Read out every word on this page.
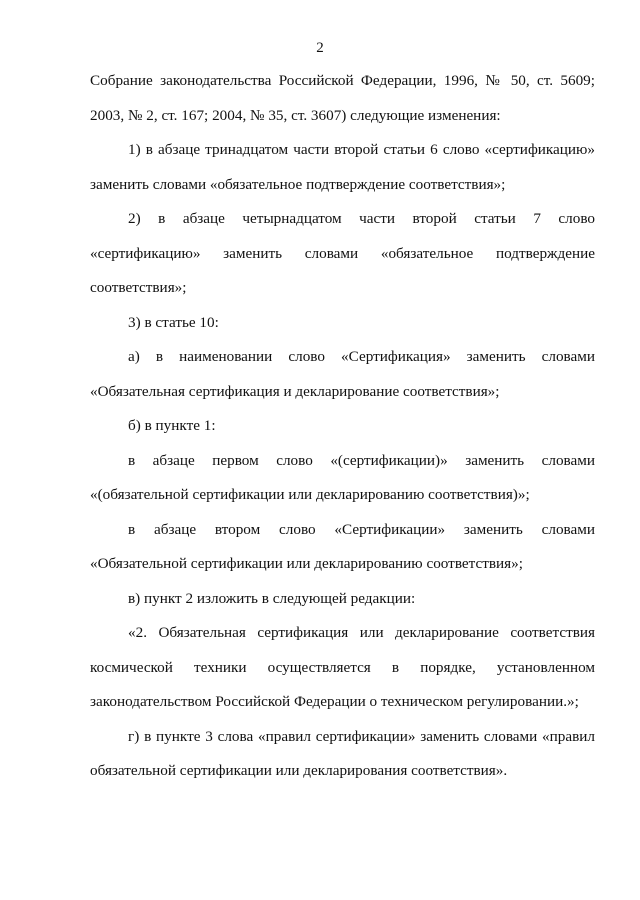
2

Собрание законодательства Российской Федерации, 1996, № 50, ст. 5609; 2003, № 2, ст. 167; 2004, № 35, ст. 3607) следующие изменения:

1) в абзаце тринадцатом части второй статьи 6 слово «сертификацию» заменить словами «обязательное подтверждение соответствия»;

2) в абзаце четырнадцатом части второй статьи 7 слово «сертификацию» заменить словами «обязательное подтверждение соответствия»;

3) в статье 10:

а) в наименовании слово «Сертификация» заменить словами «Обязательная сертификация и декларирование соответствия»;

б) в пункте 1:

в абзаце первом слово «(сертификации)» заменить словами «(обязательной сертификации или декларированию соответствия)»;

в абзаце втором слово «Сертификации» заменить словами «Обязательной сертификации или декларированию соответствия»;

в) пункт 2 изложить в следующей редакции:

«2. Обязательная сертификация или декларирование соответствия космической техники осуществляется в порядке, установленном законодательством Российской Федерации о техническом регулировании.»;

г) в пункте 3 слова «правил сертификации» заменить словами «правил обязательной сертификации или декларирования соответствия».
